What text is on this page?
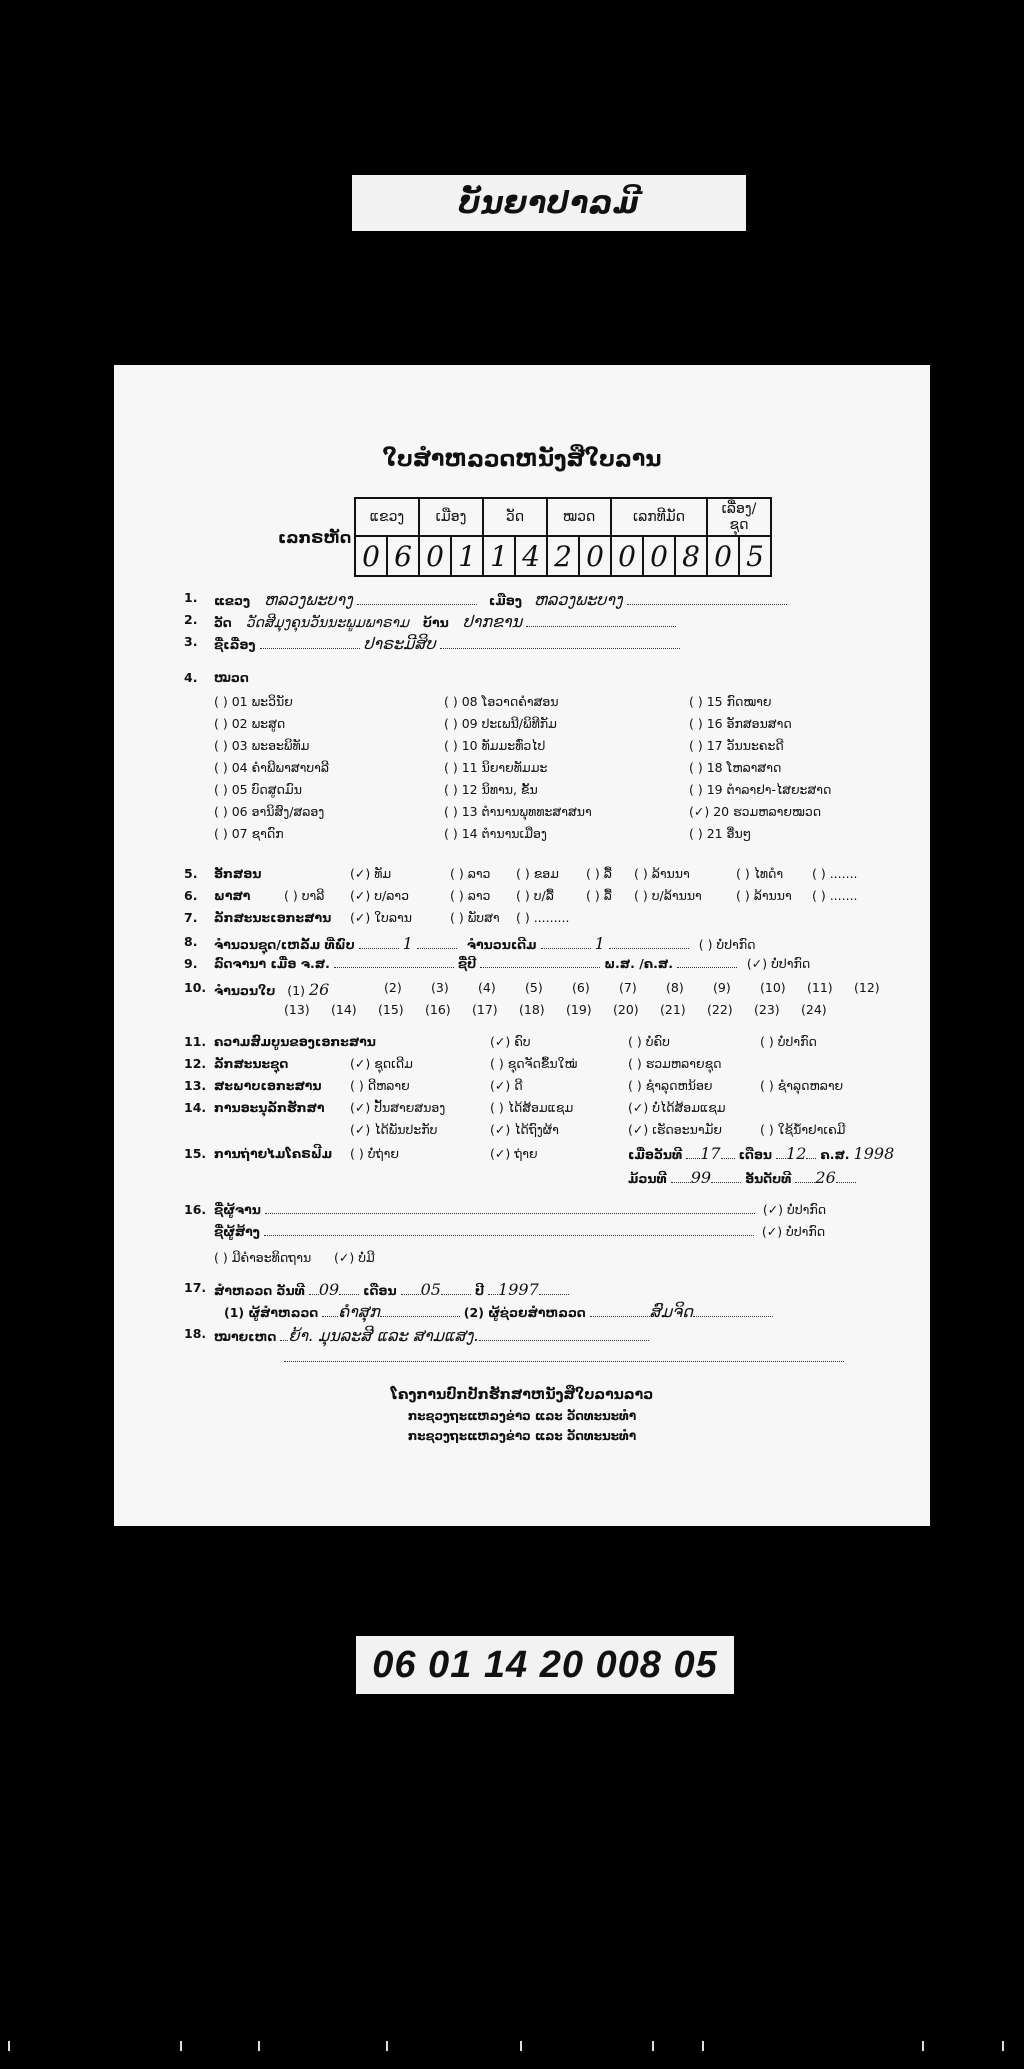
ບັນຍາປາລມີ
ໃບສຳຫລວດຫນັງສືໃບລານ
ເລກຣຫັດ
ແຂວງ		ເມືອງ		ວັດ		ໝວດ		ເລກທີມັດ			ເລື່ອງ/ຊຸດ	
0	6	0	1	1	4	2	0	0	0	8	0	5
1.	ແຂວງ ຫລວງພະບາງ	ເມືອງ ຫລວງພະບາງ
2.	ວັດ ວັດສີມຸງຄຸນວັນນະພູມພາຣາມ ບ້ານ ປາກຂານ
3.	ຊື່ເລື່ອງ	ປາຣະມີສິບ
4.	ໝວດ
( ) 01 ພະວິນັຍ	( ) 08 ໂອວາດຄຳສອນ	( ) 15 ກົດໝາຍ
( ) 02 ພະສູດ	( ) 09 ປະເພນີ/ພິທີກັມ	( ) 16 ອັກສອນສາດ
( ) 03 ພະອະພິທັມ	( ) 10 ທັມມະທົ່ວໄປ	( ) 17 ວັນນະຄະດີ
( ) 04 ຄຳພີພາສາບາລີ	( ) 11 ນິຍາຍທັມມະ	( ) 18 ໂຫລາສາດ
( ) 05 ບົດສູດມົນ	( ) 12 ນິທານ, ຂັ້ນ	( ) 19 ຕຳລາຢາ-ໄສຍະສາດ
( ) 06 ອານິສົງ/ສລອງ	( ) 13 ຕຳນານພຸທທະສາສນາ	(✓) 20 ຮວມຫລາຍໝວດ
( ) 07 ຊາດົກ	( ) 14 ຕຳນານເມືອງ	( ) 21 ອື່ນໆ
5.	ອັກສອນ	(✓) ທັມ	( ) ລາວ ( ) ຂອມ ( ) ລື້ ( ) ລ້ານນາ	( ) ໄທດຳ ( ) .......
6.	ພາສາ	( ) ບາລີ (✓) ບ/ລາວ	( ) ລາວ ( ) ບ/ລື້	( ) ລື້ ( ) ບ/ລ້ານນາ	( ) ລ້ານນາ ( ) .......
7.	ລັກສະນະເອກະສານ (✓) ໃບລານ	( ) ພັບສາ ( ) .........
8.	ຈຳນວນຊຸດ/ເຫລັ້ມ ທີ່ພົບ	1	ຈຳນວນເດີມ	1	( ) ບໍ່ປາກົດ
9.	ລົດຈານາ ເມື່ອ ຈ.ສ.	ຊື່ປີ	ພ.ສ. /ຄ.ສ.	(✓) ບໍ່ປາກົດ
10. ຈຳນວນໃບ (1) 26	(2) (3) (4) (5) (6) (7) (8) (9) (10) (11) (12)
(13) (14) (15) (16) (17) (18) (19) (20) (21) (22) (23) (24)
11. ຄວາມສົມບູນຂອງເອກະສານ	(✓) ຄົບ	( ) ບໍ່ຄົບ	( ) ບໍ່ປາກົດ
12. ລັກສະນະຊຸດ	(✓) ຊຸດເດີມ	( ) ຊຸດຈັດຂຶ້ນໃໝ່	( ) ຮວມຫລາຍຊຸດ
13. ສະພາບເອກະສານ ( ) ດີຫລາຍ	(✓) ດີ	( ) ຊຳລຸດຫນ້ອຍ	( ) ຊຳລຸດຫລາຍ
14. ການອະນຸລັກຮັກສາ (✓) ປັ້ນສາຍສນອງ	( ) ໄດ້ສ້ອມແຊມ	(✓) ບໍ່ໄດ້ສ້ອມແຊມ
(✓) ໄດ້ພັນປະກັບ	(✓) ໄດ້ຖົງຜ້າ	(✓) ເຮັດອະນາມັຍ	( ) ໃຊ້ນ້ຳຢາເຄມີ
15. ການຖ່າຍໄມໂຄຣຟີມ ( ) ບໍ່ຖ່າຍ	(✓) ຖ່າຍ	ເມື່ອວັນທີ 17 ເດືອນ 12 ຄ.ສ. 1998
ມ້ວນທີ 99	ອັນດັບທີ 26
16. ຊື່ຜູ້ຈານ	(✓) ບໍ່ປາກົດ
ຊື່ຜູ້ສ້າງ	(✓) ບໍ່ປາກົດ
( ) ມີຄຳອະທິດຖານ (✓) ບໍ່ມີ
17. ສຳຫລວດ ວັນທີ 09 ເດືອນ 05	ປີ 1997
(1) ຜູ້ສຳຫລວດ ຄຳສຸກ	(2) ຜູ້ຊ່ວຍສຳຫລວດ	ສົມຈິດ
18. ໝາຍເຫດ ຍ້າ. ມຸນລະສີ ແລະ ສາມແສງ.
ໂຄງການປົກປັກຮັກສາຫນັງສືໃບລານລາວ
ກະຊວງຖະແຫລງຂ່າວ ແລະ ວັດທະນະທຳ
ກະຊວງຖະແຫລງຂ່າວ ແລະ ວັດທະນະທຳ
06 01 14 20 008 05
